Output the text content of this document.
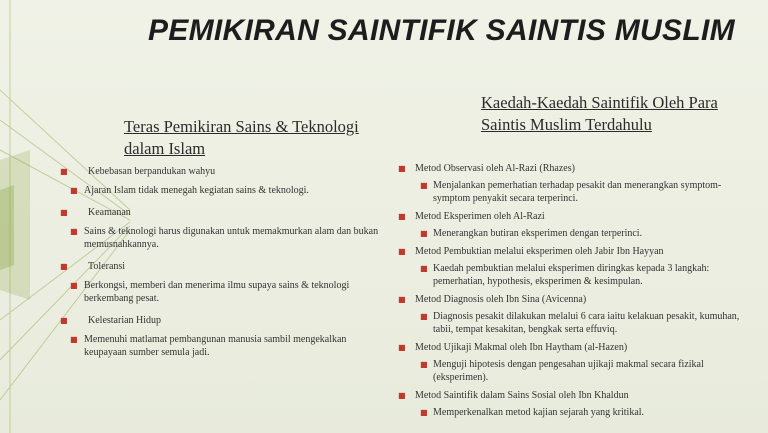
PEMIKIRAN SAINTIFIK SAINTIS MUSLIM
Teras Pemikiran Sains & Teknologi dalam Islam
Kaedah-Kaedah Saintifik Oleh Para Saintis Muslim Terdahulu
■ Kebebasan berpandukan wahyu
■ Ajaran Islam tidak menegah kegiatan sains & teknologi.
■ Keamanan
■ Sains & teknologi harus digunakan untuk memakmurkan alam dan bukan memusnahkannya.
■ Toleransi
■ Berkongsi, memberi dan menerima ilmu supaya sains & teknologi berkembang pesat.
■ Kelestarian Hidup
■ Memenuhi matlamat pembangunan manusia sambil mengekalkan keupayaan sumber semula jadi.
■ Metod Observasi oleh Al-Razi (Rhazes)
■ Menjalankan pemerhatian terhadap pesakit dan menerangkan symptom-symptom penyakit secara terperinci.
■ Metod Eksperimen oleh Al-Razi
■ Menerangkan butiran eksperimen dengan terperinci.
■ Metod Pembuktian melalui eksperimen oleh Jabir Ibn Hayyan
■ Kaedah pembuktian melalui eksperimen diringkas kepada 3 langkah: pemerhatian, hypothesis, eksperimen & kesimpulan.
■ Metod Diagnosis oleh Ibn Sina (Avicenna)
■ Diagnosis pesakit dilakukan melalui 6 cara iaitu kelakuan pesakit, kumuhan, tabii, tempat kesakitan, bengkak serta effuviq.
■ Metod Ujikaji Makmal oleh Ibn Haytham (al-Hazen)
■ Menguji hipotesis dengan pengesahan ujikaji makmal secara fizikal (eksperimen).
■ Metod Saintifik dalam Sains Sosial oleh Ibn Khaldun
■ Memperkenalkan metod kajian sejarah yang kritikal.
